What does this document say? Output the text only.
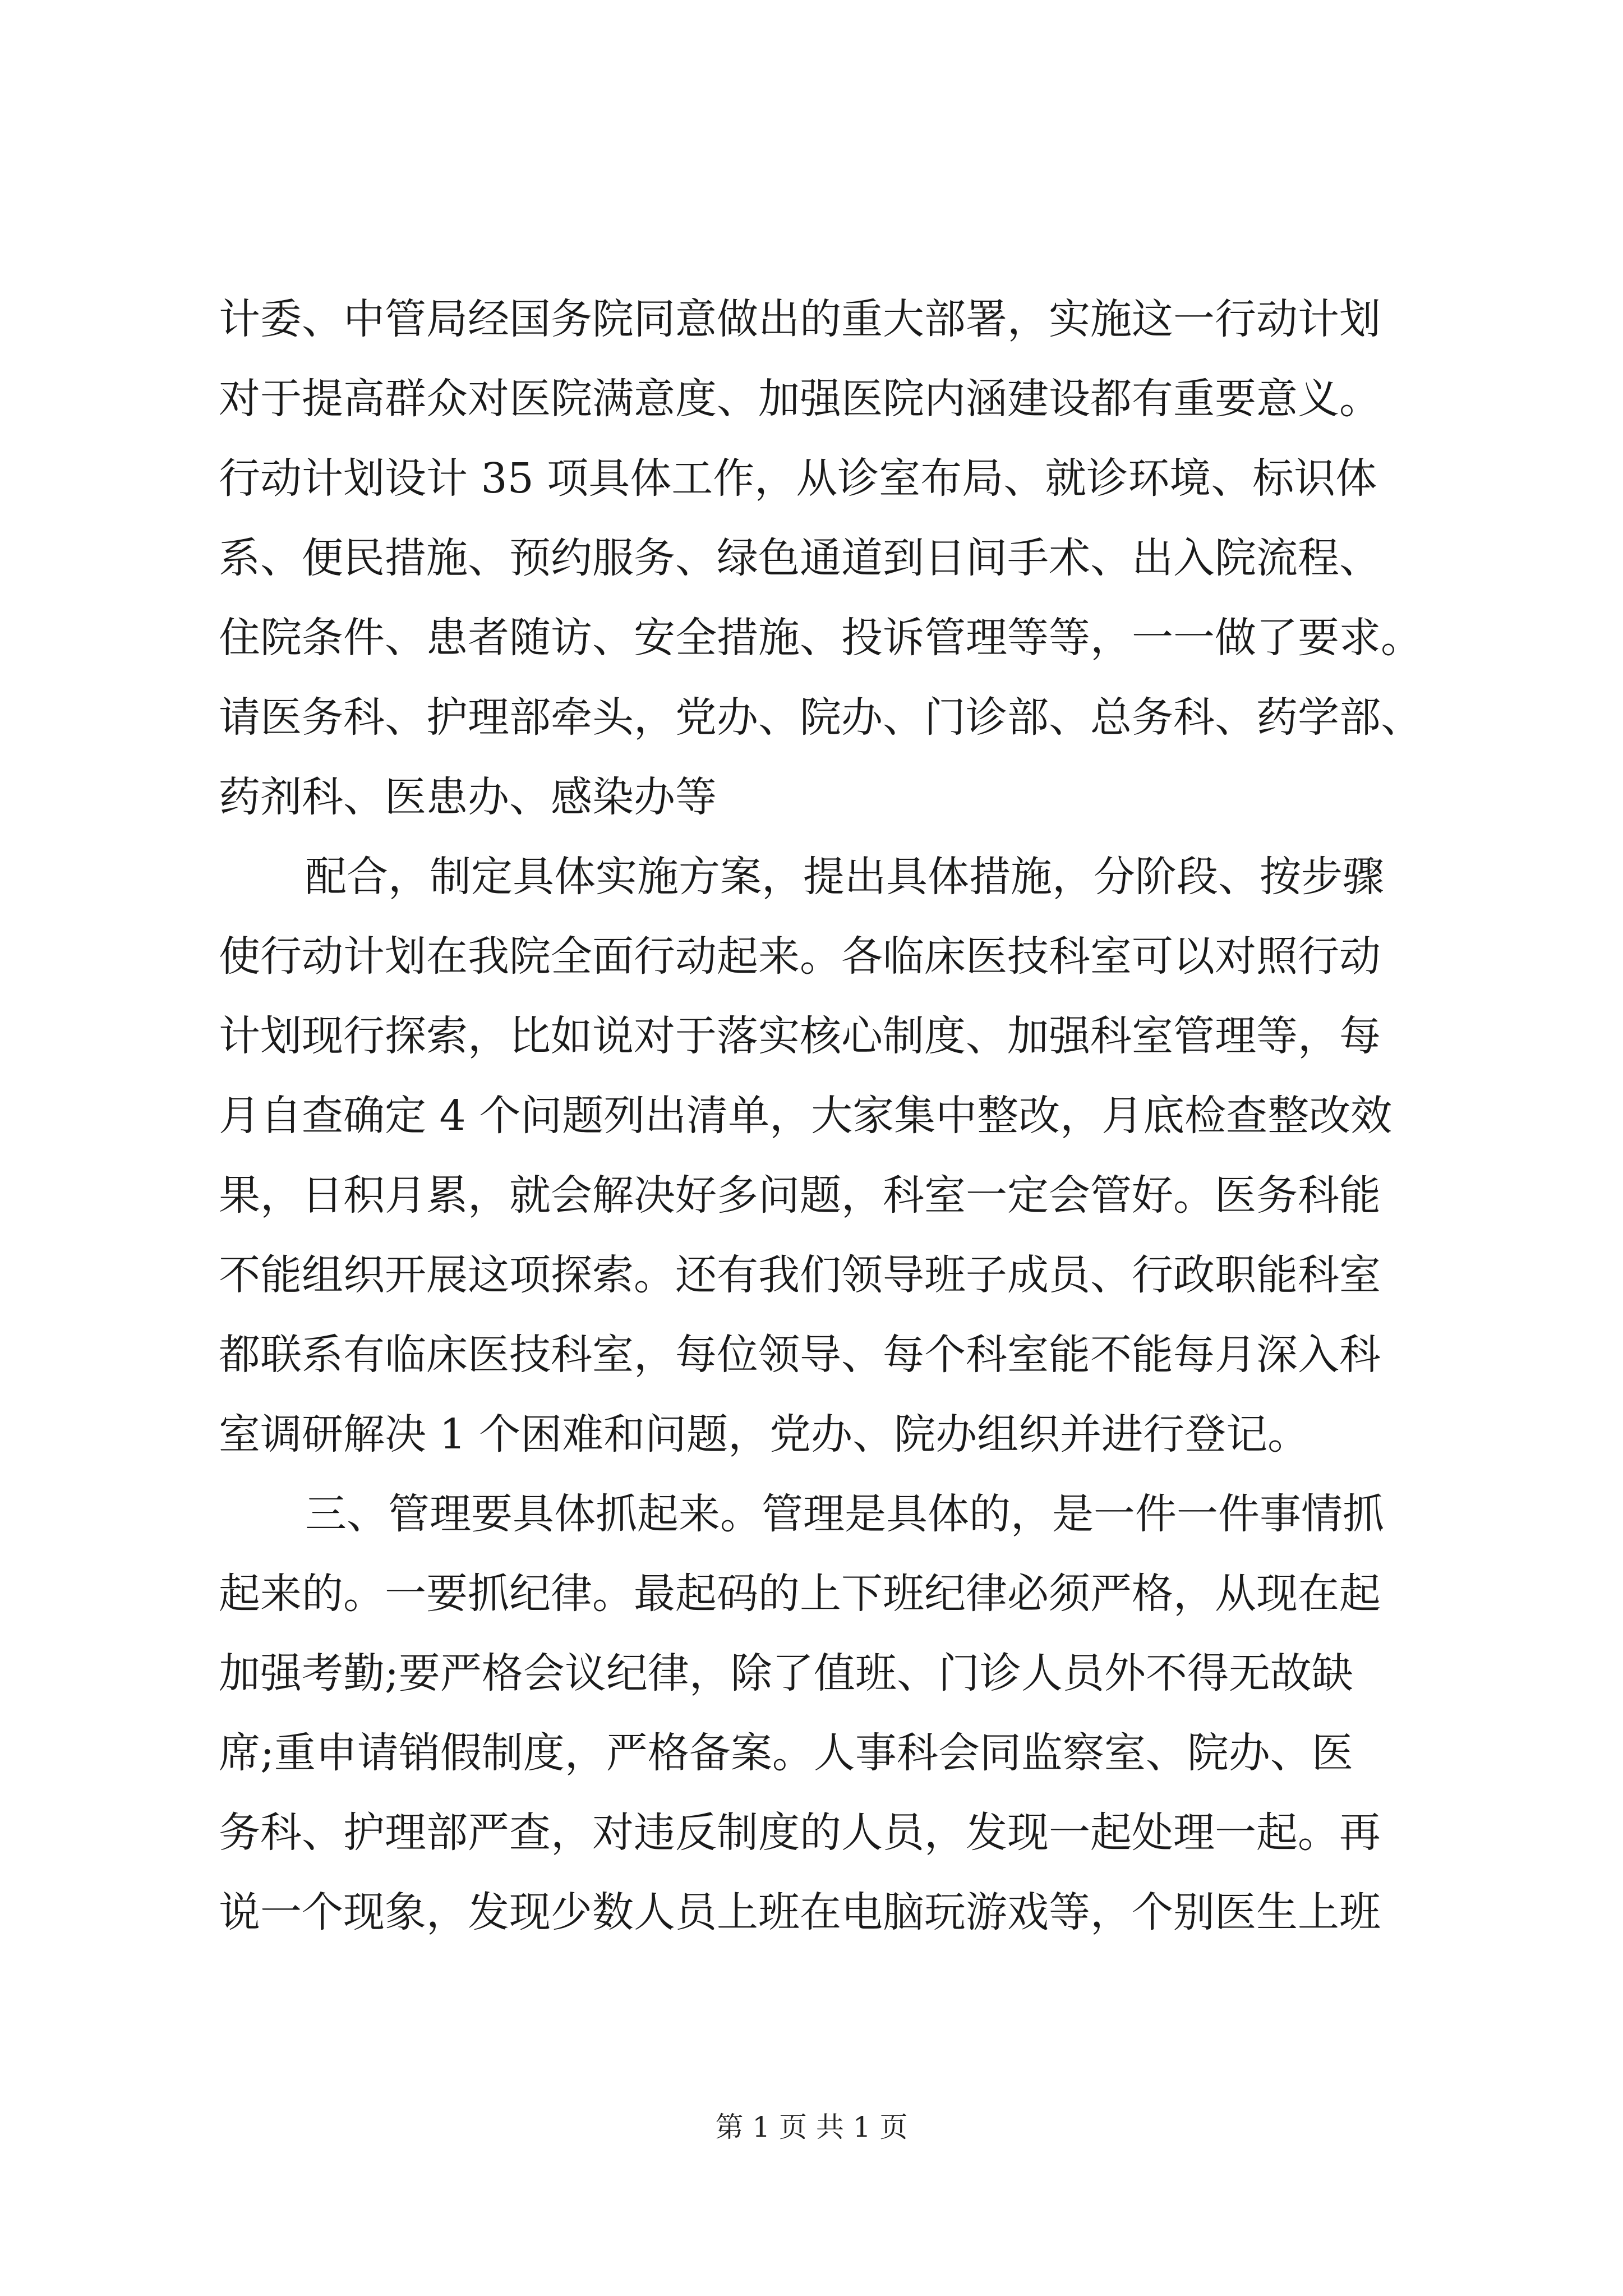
计委、中管局经国务院同意做出的重大部署，实施这一行动计划
对于提高群众对医院满意度、加强医院内涵建设都有重要意义。
行动计划设计 35 项具体工作，从诊室布局、就诊环境、标识体
系、便民措施、预约服务、绿色通道到日间手术、出入院流程、
住院条件、患者随访、安全措施、投诉管理等等，一一做了要求。
请医务科、护理部牵头，党办、院办、门诊部、总务科、药学部、
药剂科、医患办、感染办等
配合，制定具体实施方案，提出具体措施，分阶段、按步骤
使行动计划在我院全面行动起来。各临床医技科室可以对照行动
计划现行探索，比如说对于落实核心制度、加强科室管理等，每
月自查确定 4 个问题列出清单，大家集中整改，月底检查整改效
果，日积月累，就会解决好多问题，科室一定会管好。医务科能
不能组织开展这项探索。还有我们领导班子成员、行政职能科室
都联系有临床医技科室，每位领导、每个科室能不能每月深入科
室调研解决 1 个困难和问题，党办、院办组织并进行登记。
三、管理要具体抓起来。管理是具体的，是一件一件事情抓
起来的。一要抓纪律。最起码的上下班纪律必须严格，从现在起
加强考勤;要严格会议纪律，除了值班、门诊人员外不得无故缺
席;重申请销假制度，严格备案。人事科会同监察室、院办、医
务科、护理部严查，对违反制度的人员，发现一起处理一起。再
说一个现象，发现少数人员上班在电脑玩游戏等，个别医生上班
第 1 页 共 1 页
